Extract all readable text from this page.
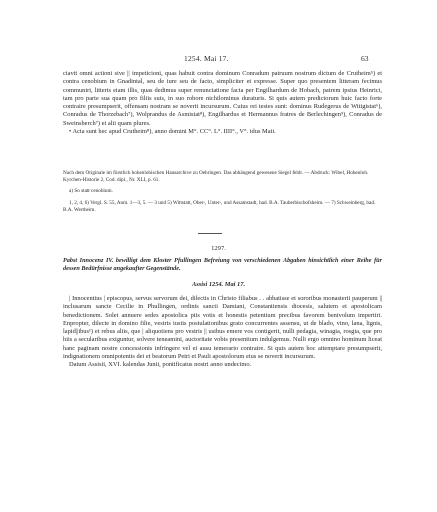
1254. Mai 17.	63

ciavit omni actioni sive || impeticioni, quas habuit contra dominum Conradum patruum nostrum dictum de Crutheim⁵) et contra cenobium in Gnadintal, seu de iure seu de facto, simpliciter et expresse. Super quo presentem litteram fecimus communiri, litteris eiam illis, quas dedimus super renunciatione facta per Engilhardum de Hobach, patrem ipsius Heinrici, tam pro parte sua quam pro filiis suis, in suo robore nichilominus duraturis. Si quis autem predictorum huic facto forte contraire presumpserit, offensam nostram se noverit incursurum. Cuius rei testes sunt: dominus Rudegerus de Witigistat⁶), Conradus de Thorzebach⁷), Wolprandus de Asmistat⁸), Engilhardus et Hermannus fratres de Berlechingen⁹), Conradus de Sweinsberch⁷) et alii quam plures.

• Acta sunt hec apud Crutheim⁸), anno domini M°. CC°. L°. IIII°., V°. idus Maii.

Nach dem Originale im fürstlich hohenlohischen Hausarchive zu Oehringen. Das abhängend gewesene Siegel fehlt. — Abdruck: Wibel, Hohenloh. Kyrchen-Historie 2, Cod. dipl., Nr. XLI, p. 61.
a) So statt cenobium.
1, 2, 4, 6) Vergl. S. 55, Anm. 1—3, 5. — 3 und 5) Wittstatt, Ober-, Unter-, und Assamstadt, bad. B.A. Tauberbischofsheim. — 7) Schweinberg, bad. B.A. Wertheim.
1297.
Pabst Innocenz IV. bewilligt dem Kloster Pfullingen Befreiung von verschiedenen Abgaben hinsichtlich einer Reihe für dessen Bedürfnisse angekaufter Gegenstände.
Assisi 1254. Mai 17.

| Innocentius | episcopus, servus servorum dei, dilectis in Christo filiabus . . abbatisse et sororibus monasterii pauperum || inclusarum sancte Cecilie in Phullingen, ordinis sancti Damiani, Constantiensis diocesis, salutem et apostolicam benedictionem. Solet annuere sedes apostolica piis votis et honestis petentium precibus favorem benivolum impertiri. Enpropter, dilecte in domino filie, vestris iustis postulationibus grato concurrentes assensu, ut de blado, vino, lana, lignis, lapid||ibus¹) et rebus aliis, que | aliquotiens pro vestris || usibus emere vos contigerit, nulli pedagia, winagia, rosgia, que pro hiis a secularibus exiguntur, solvere teneamini, auctoritate vobis presentium indulgemus. Nulli ergo omnino hominum liceat hanc paginam nostre concessionis infringere vel ei ausu temerario contraire. Si quis autem hoc attemptare presumpserit, indignationem omnipotentis dei et beatorum Petri et Pauli apostolorum eius se noverit incursurum.

Datum Assisii, XVI. kalendas Junii, pontificatus nostri anno undecimo.
